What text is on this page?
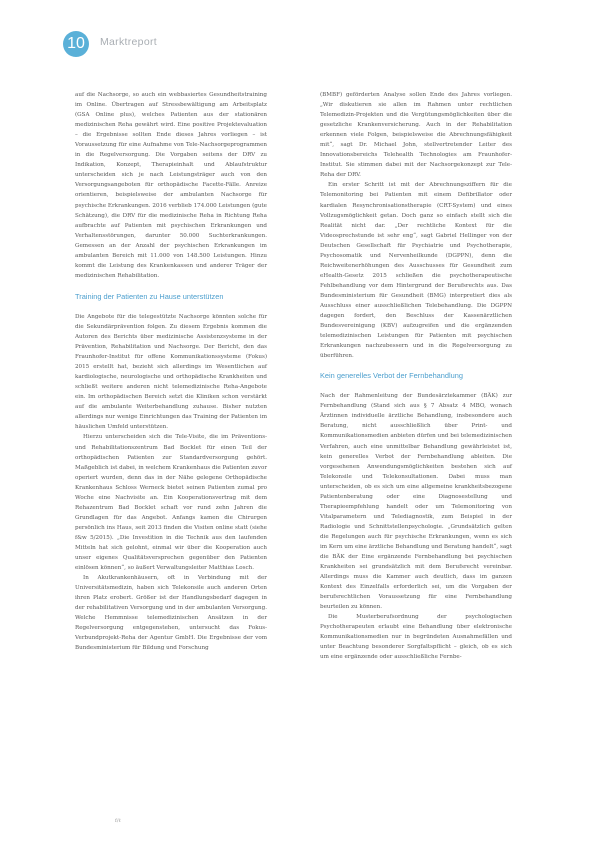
10	Marktreport

auf die Nachsorge, so auch ein webbasiertes Gesundheitstraining im Online. Übertragen auf Stressbewältigung am Arbeitsplatz (GSA Online plus), welches Patienten aus der stationären medizinischen Reha gewährt wird. Eine positive Projektevaluation – die Ergebnisse sollten Ende dieses Jahres vorliegen – ist Voraussetzung für eine Aufnahme von Tele-Nachsorgeprogrammen in die Regelversorgung. Die Vorgaben seitens der DRV zu Indikation, Konzept, Therapieinhalt und Ablaufstruktur unterscheiden sich je nach Leistungsträger auch von den Versorgungsangeboten für orthopädische Facette-Fälle. Anreize orientieren, beispielsweise der ambulanten Nachsorge für psychische Erkrankungen. 2016 verblieb 174.000 Leistungen (gute Schätzung), die DRV für die medizinische Reha in Richtung Reha aufbrachte auf Patienten mit psychischen Erkrankungen und Verhaltensstörungen, darunter 50.000 Suchterkrankungen. Gemessen an der Anzahl der psychischen Erkrankungen im ambulanten Bereich mit 11.000 von 148.500 Leistungen. Hinzu kommt die Leistung des Krankenkassen und anderer Träger der medizinischen Rehabilitation.

Training der Patienten zu Hause unterstützen

Die Angebote für die telegestützte Nachsorge könnten solche für die Sekundärprävention folgen. Zu diesem Ergebnis kommen die Autoren des Berichts über medizinische Assistenzsysteme in der Prävention, Rehabilitation und Nachsorge. Der Bericht, den das Fraunhofer-Institut für offene Kommunikationssysteme (Fokus) 2015 erstellt hat, bezieht sich allerdings im Wesentlichen auf kardiologische, neurologische und orthopädische Krankheiten und schließt weitere anderen nicht telemedizinische Reha-Angebote ein. Im orthopädischen Bereich setzt die Kliniken schon verstärkt auf die ambulante Weiterbehandlung zuhause. Bisher nutzten allerdings nur wenige Einrichtungen das Training der Patienten im häuslichen Umfeld unterstützen.

Hierzu unterscheiden sich die Tele-Visite, die im Präventions- und Rehabilitationszentrum Bad Bocklet für einen Teil der orthopädischen Patienten zur Standardversorgung gehört. Maßgeblich ist dabei, in welchem Krankenhaus die Patienten zuvor operiert wurden, denn das in der Nähe gelegene Orthopädische Krankenhaus Schloss Werneck bietet seinen Patienten zumal pro Woche eine Nachvisite an. Ein Kooperationsvertrag mit dem Rehazentrum Bad Bocklet schaft vor rund zehn Jahren die Grundlagen für das Angebot. Anfangs kamen die Chirurgen persönlich ins Haus, seit 2013 finden die Visiten online statt (siehe f&w 5/2015). „Die Investition in die Technik aus den laufenden Mitteln hat sich gelohnt, einmal wir über die Kooperation auch unser eigenes Qualitätsversprechen gegenüber den Patienten einlösen können“, so äußert Verwaltungsleiter Matthias Losch.

In Akutkrankenhäusern, oft in Verbindung mit der Universitätsmedizin, haben sich Telekonsile auch anderen Orten ihren Platz erobert. Größer ist der Handlungsbedarf dagegen in der rehabilitativen Versorgung und in der ambulanten Versorgung. Welche Hemmnisse telemedizinischen Ansätzen in der Regelversorgung entgegenstehen, untersucht das Fokus-Verbundprojekt-Reha der Agentur GmbH. Die Ergebnisse der vom Bundesministerium für Bildung und Forschung

(BMBF) geförderten Analyse sollen Ende des Jahres vorliegen. „Wir diskutieren sie allen im Rahmen unter rechtlichen Telemedizin-Projekten und die Vergütungsmöglichkeiten über die gesetzliche Krankenversicherung. Auch in der Rehabilitation erkennen viele Folgen, beispielsweise die Abrechnungsfähigkeit mit“, sagt Dr. Michael John, stellvertretender Leiter des Innovationsbereichs Telehealth Technologies am Fraunhofer-Institut. Sie stimmen dabei mit der Nachsorgekonzept zur Tele-Reha der DRV.

Ein erster Schritt ist mit der Abrechnungsziffern für die Telemonitoring bei Patienten mit einem Defibrillator oder kardialen Resynchronisationstherapie (CRT-System) und eines Vollzugsmöglichkeit getan. Doch ganz so einfach stellt sich die Realität nicht dar. „Der rechtliche Kontext für die Videosprechstunde ist sehr eng“, sagt Gabriel Hellinger von der Deutschen Gesellschaft für Psychiatrie und Psychotherapie, Psychosomatik und Nervenheilkunde (DGPPN), denn die Reichweitenerhöhungen des Ausschusses für Gesundheit zum eHealth-Gesetz 2015 schließen die psychotherapeutische Fehlbehandlung vor dem Hintergrund der Berufsrechts aus. Das Bundesministerium für Gesundheit (BMG) interpretiert dies als Ausschluss einer ausschließlichen Telebehandlung. Die DGPPN dagegen fordert, den Beschluss der Kassenärztlichen Bundesvereinigung (KBV) aufzugreifen und die ergänzenden telemedizinischen Leistungen für Patienten mit psychischen Erkrankungen nachzubessern und in die Regelversorgung zu überführen.

Kein generelles Verbot der Fernbehandlung

Nach der Rahmenleitung der Bundesärztekammer (BÄK) zur Fernbehandlung (Stand sich aus § 7 Absatz 4 MBO, wonach Ärztinnen individuelle ärztliche Behandlung, insbesondere auch Beratung, nicht ausschließlich über Print- und Kommunikationsmedien anbieten dürfen und bei telemedizinischen Verfahren, auch eine unmittelbar Behandlung gewährleistet ist, kein generelles Verbot der Fernbehandlung ableiten. Die vorgesehenen Anwendungsmöglichkeiten bestehen sich auf Telekonsile und Telekonsultationen. Dabei muss man unterscheiden, ob es sich um eine allgemeine krankheitsbezogene Patientenberatung oder eine Diagnosestellung und Therapieempfehlung handelt oder um Telemonitoring von Vitalparametern und Telediagnostik, zum Beispiel in der Radiologie und Schnittstellenpsychologie. „Grundsätzlich gelten die Regelungen auch für psychische Erkrankungen, wenn es sich im Kern um eine ärztliche Behandlung und Beratung handelt“, sagt die BÄK der Eine ergänzende Fernbehandlung bei psychischen Krankheiten sei grundsätzlich mit dem Berufsrecht vereinbar. Allerdings muss die Kammer auch deutlich, dass im ganzen Kontext des Einzelfalls erforderlich sei, um die Vorgaben der berufsrechtlichen Voraussetzung für eine Fernbehandlung beurteilen zu können.

Die Musterberufsordnung der psychologischen Psychotherapeuten erlaubt eine Behandlung über elektronische Kommunikationsmedien nur in begründeten Ausnahmefällen und unter Beachtung besonderer Sorgfaltspflicht – gleich, ob es sich um eine ergänzende oder ausschließliche Fernbe-

f/ℓ
